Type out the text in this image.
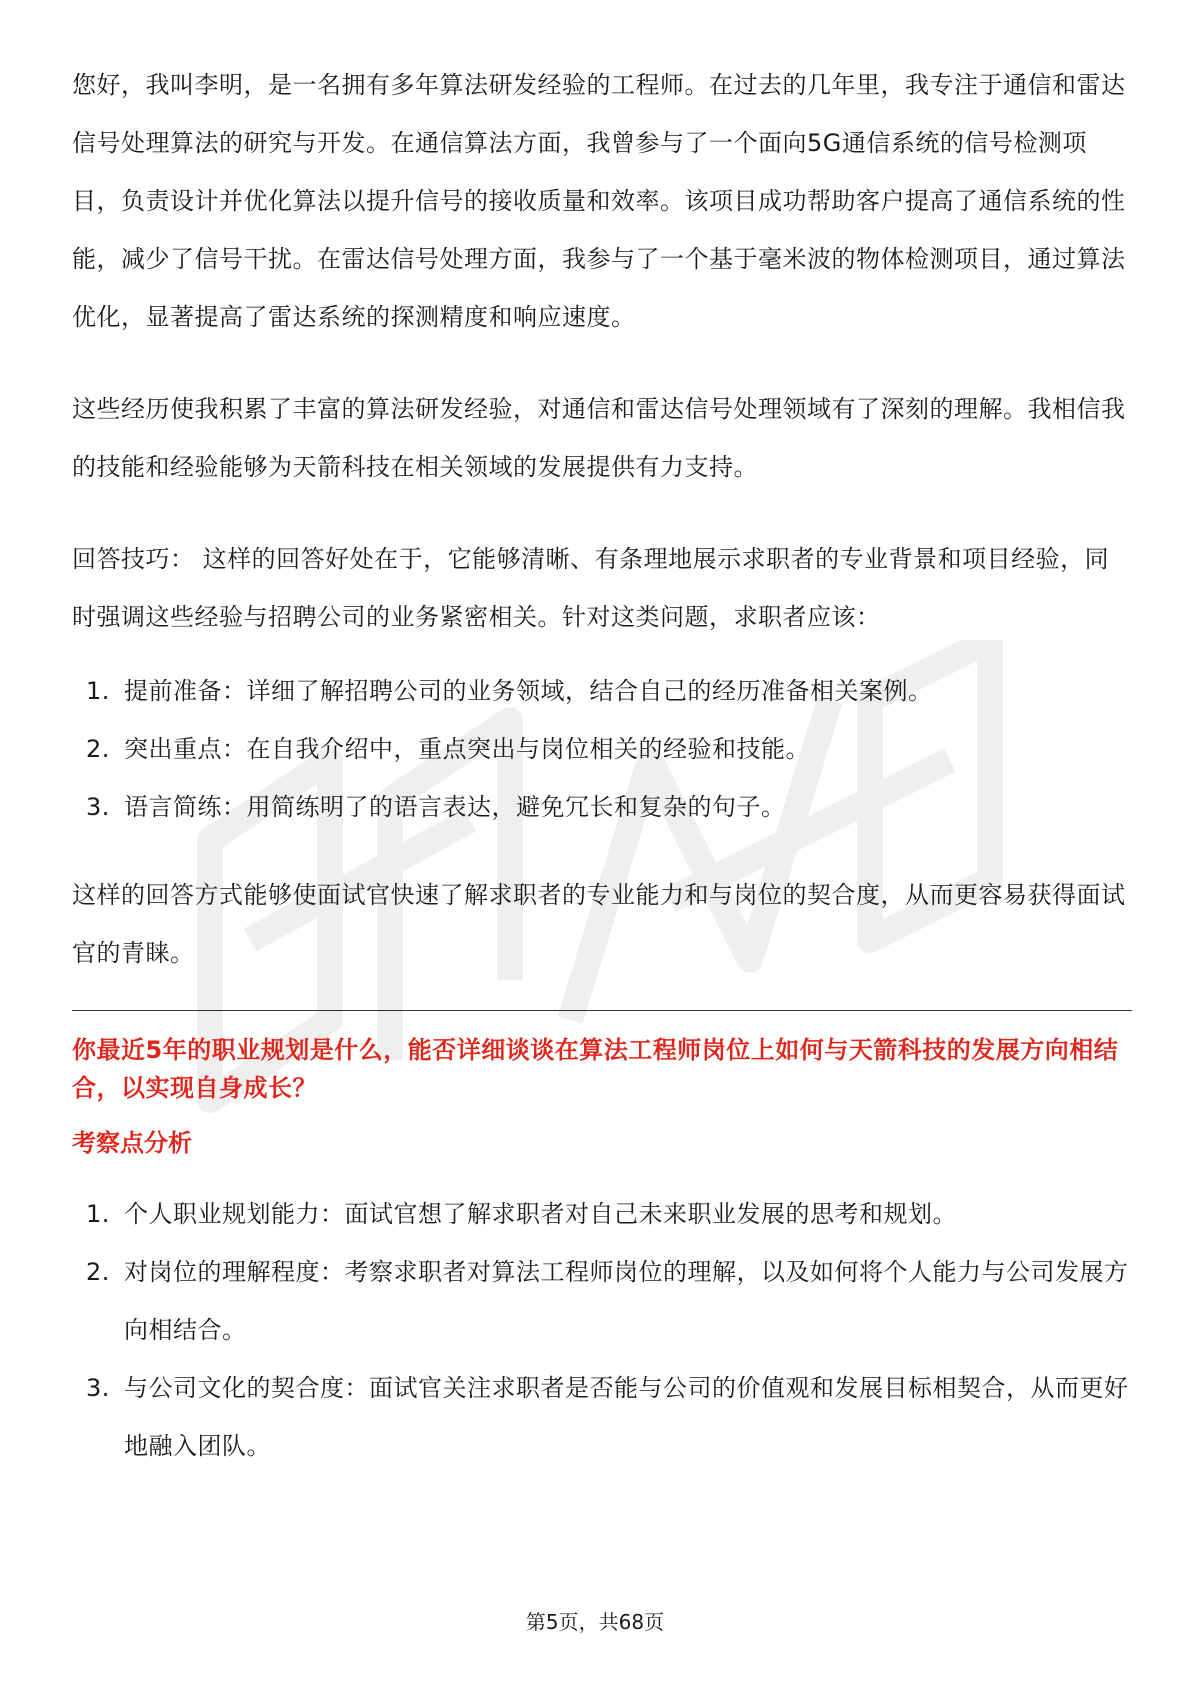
您好，我叫李明，是一名拥有多年算法研发经验的工程师。在过去的几年里，我专注于通信和雷达信号处理算法的研究与开发。在通信算法方面，我曾参与了一个面向5G通信系统的信号检测项目，负责设计并优化算法以提升信号的接收质量和效率。该项目成功帮助客户提高了通信系统的性能，减少了信号干扰。在雷达信号处理方面，我参与了一个基于毫米波的物体检测项目，通过算法优化，显著提高了雷达系统的探测精度和响应速度。

这些经历使我积累了丰富的算法研发经验，对通信和雷达信号处理领域有了深刻的理解。我相信我的技能和经验能够为天箭科技在相关领域的发展提供有力支持。

回答技巧： 这样的回答好处在于，它能够清晰、有条理地展示求职者的专业背景和项目经验，同时强调这些经验与招聘公司的业务紧密相关。针对这类问题，求职者应该：

1. 提前准备：详细了解招聘公司的业务领域，结合自己的经历准备相关案例。
2. 突出重点：在自我介绍中，重点突出与岗位相关的经验和技能。
3. 语言简练：用简练明了的语言表达，避免冗长和复杂的句子。

这样的回答方式能够使面试官快速了解求职者的专业能力和与岗位的契合度，从而更容易获得面试官的青睐。

你最近5年的职业规划是什么，能否详细谈谈在算法工程师岗位上如何与天箭科技的发展方向相结合，以实现自身成长？
考察点分析
1. 个人职业规划能力：面试官想了解求职者对自己未来职业发展的思考和规划。
2. 对岗位的理解程度：考察求职者对算法工程师岗位的理解，以及如何将个人能力与公司发展方向相结合。
3. 与公司文化的契合度：面试官关注求职者是否能与公司的价值观和发展目标相契合，从而更好地融入团队。
第5页，共68页
